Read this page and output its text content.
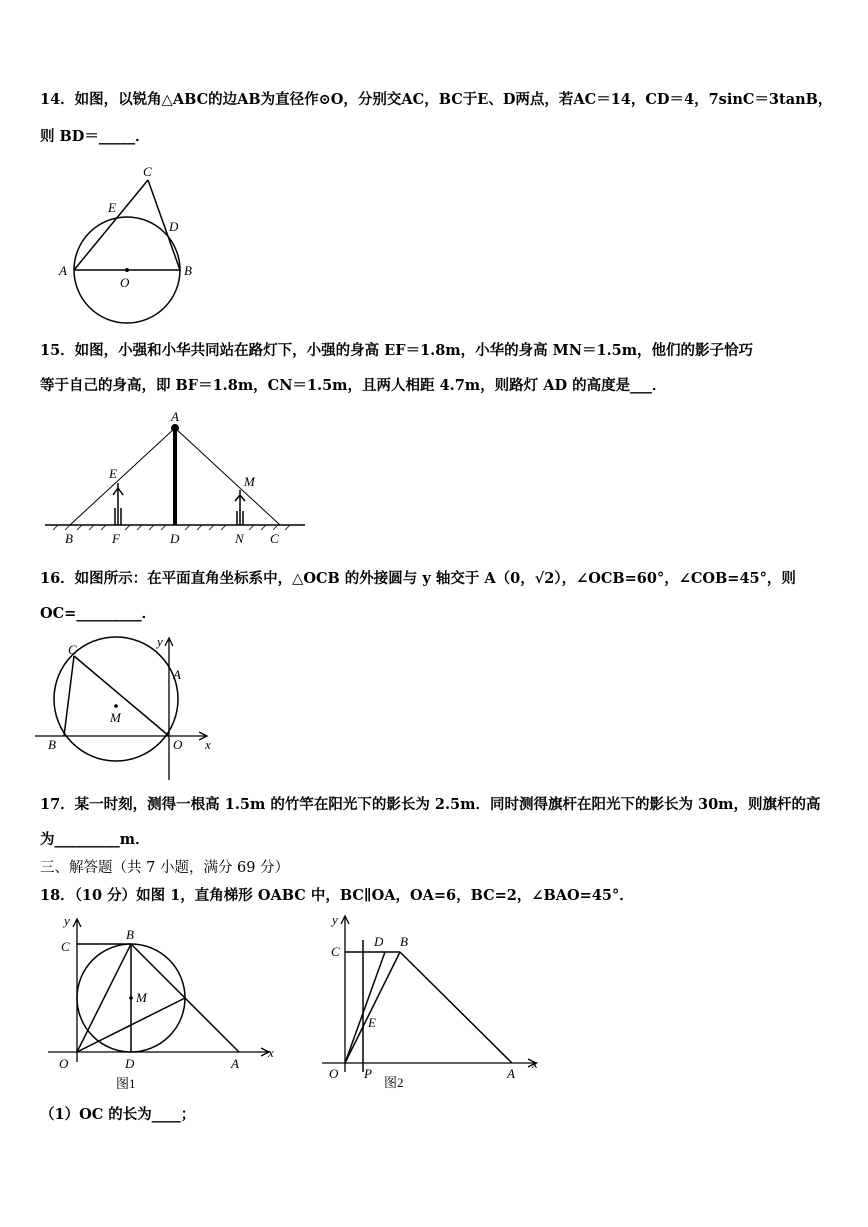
14．如图，以锐角△ABC的边AB为直径作⊙O，分别交AC，BC于E、D两点，若AC＝14，CD＝4，7sinC＝3tanB，
则 BD＝_____．
C
E
D
A
O
B
15．如图，小强和小华共同站在路灯下，小强的身高 EF＝1.8m，小华的身高 MN＝1.5m，他们的影子恰巧
等于自己的身高，即 BF＝1.8m，CN＝1.5m，且两人相距 4.7m，则路灯 AD 的高度是___．
A
E
M
B	F	D	N C
16．如图所示：在平面直角坐标系中，△OCB 的外接圆与 y 轴交于 A（0，√2），∠OCB=60°，∠COB=45°，则
OC=_________．
y
C
A
M
B	O x
17．某一时刻，测得一根高 1.5m 的竹竿在阳光下的影长为 2.5m．同时测得旗杆在阳光下的影长为 30m，则旗杆的高
为_________m．
三、解答题（共 7 小题，满分 69 分）
18．（10 分）如图 1，直角梯形 OABC 中，BC∥OA，OA=6，BC=2，∠BAO=45°．
y
C
B
M
O	D	A
x
图1
y
C
D B
E
O P	A
x
图2
（1）OC 的长为____；
